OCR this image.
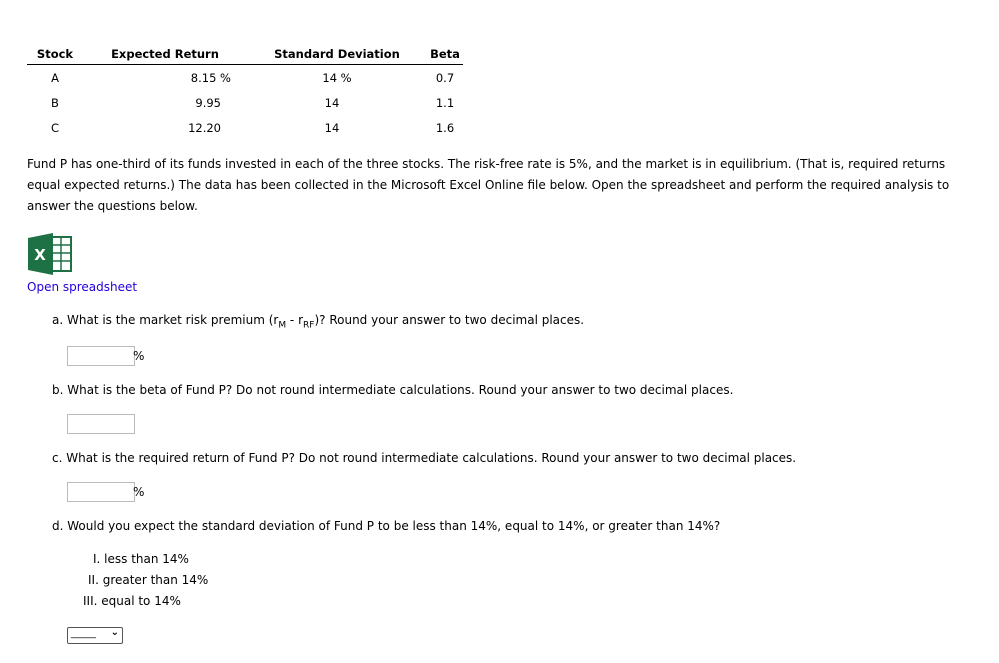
Stock	Expected Return	Standard Deviation	Beta
A	8.15 %	14 %	0.7
B	9.95	14	1.1
C	12.20	14	1.6
Fund P has one-third of its funds invested in each of the three stocks. The risk-free rate is 5%, and the market is in equilibrium. (That is, required returns equal expected returns.) The data has been collected in the Microsoft Excel Online file below. Open the spreadsheet and perform the required analysis to answer the questions below.
X
Open spreadsheet
a. What is the market risk premium $(r_M - r_{RF})$? Round your answer to two decimal places.
%
b. What is the beta of Fund P? Do not round intermediate calculations. Round your answer to two decimal places.
c. What is the required return of Fund P? Do not round intermediate calculations. Round your answer to two decimal places.
%
d. Would you expect the standard deviation of Fund P to be less than 14%, equal to 14%, or greater than 14%?
I. less than 14%
II. greater than 14%
III. equal to 14%
_____ ⌄
